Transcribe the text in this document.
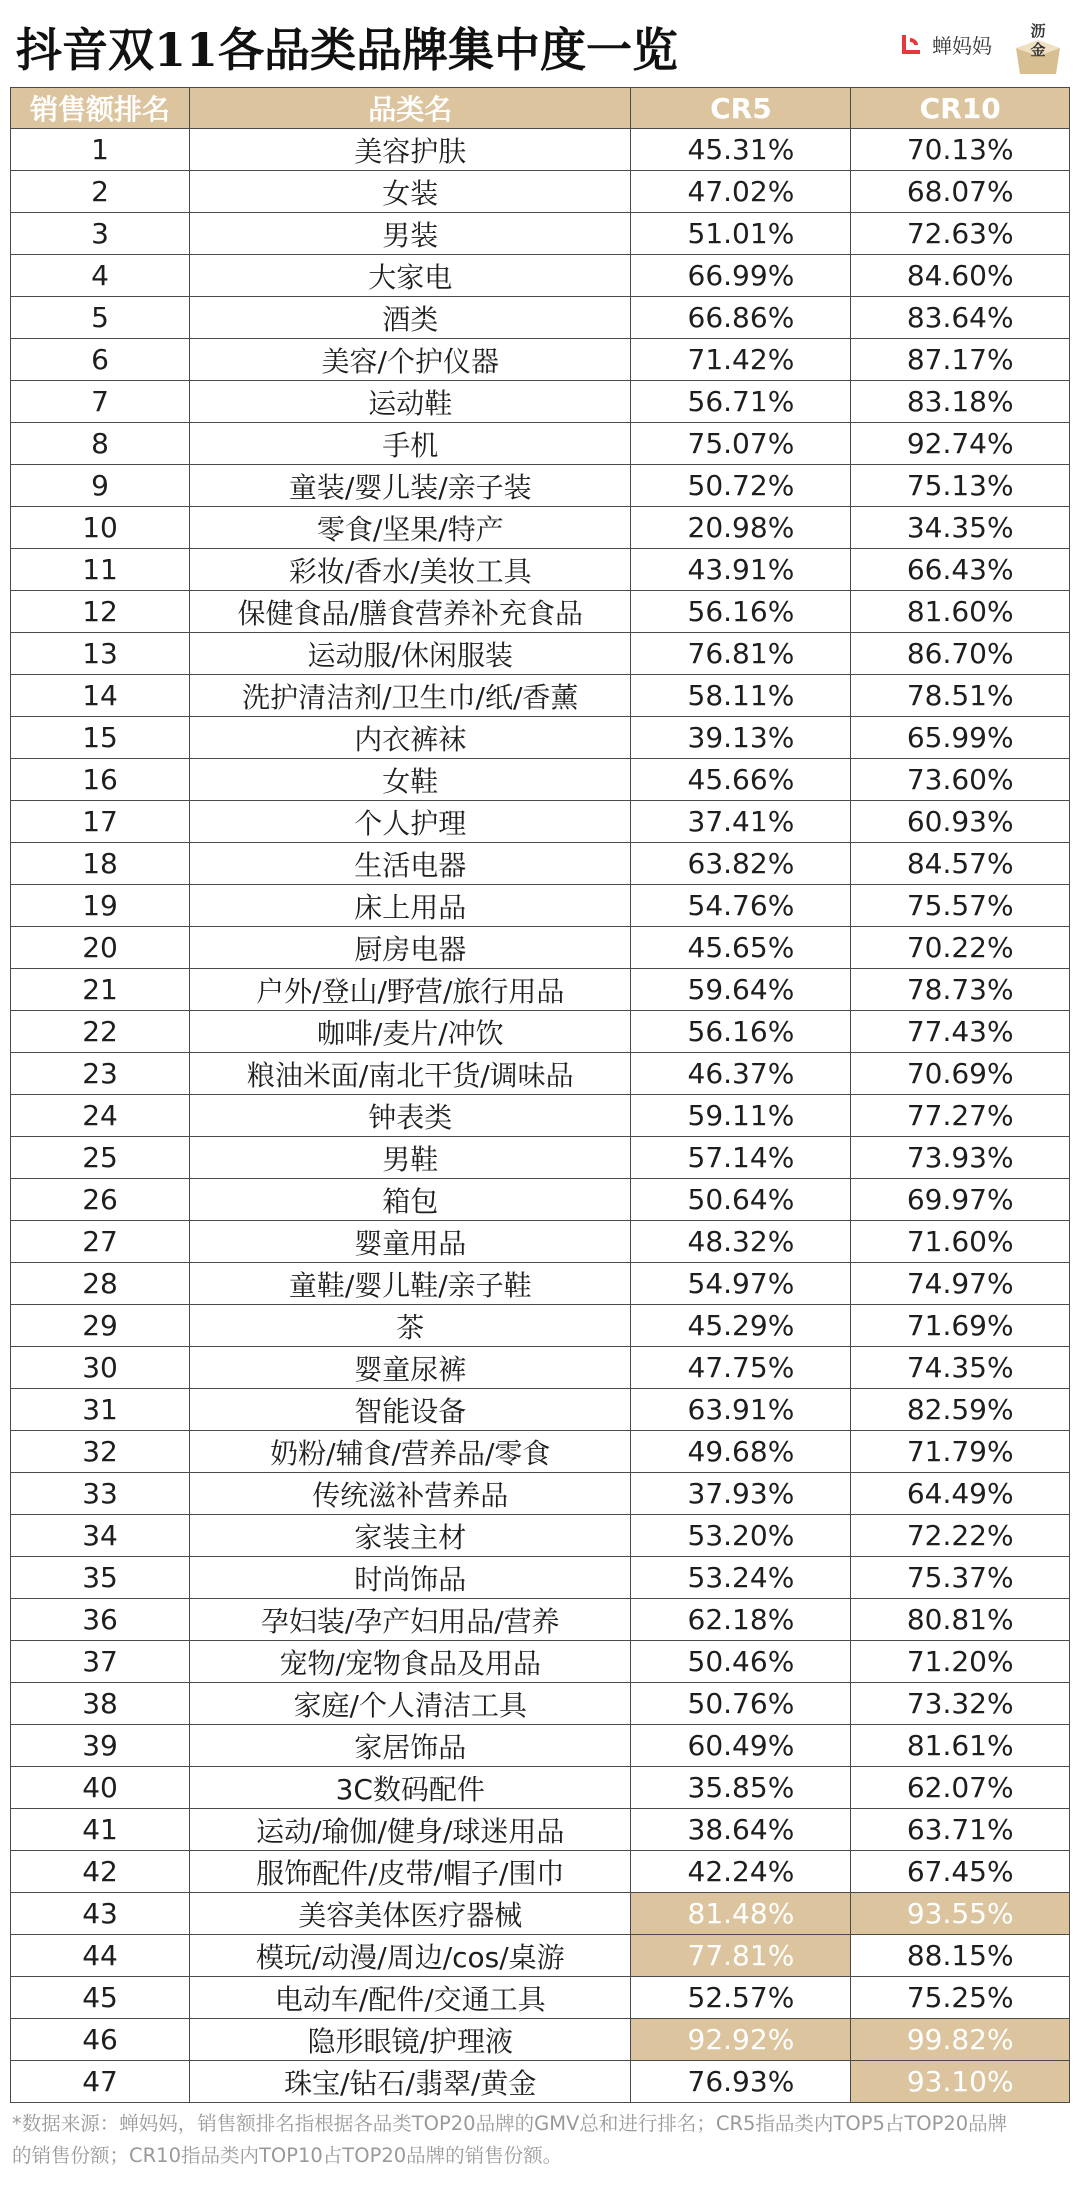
抖音双11各品类品牌集中度一览	蝉妈妈
沥
金
销售额排名	品类名	CR5	CR10
1	美容护肤	45.31%	70.13%
2	女装	47.02%	68.07%
3	男装	51.01%	72.63%
4	大家电	66.99%	84.60%
5	酒类	66.86%	83.64%
6	美容/个护仪器	71.42%	87.17%
7	运动鞋	56.71%	83.18%
8	手机	75.07%	92.74%
9	童装/婴儿装/亲子装	50.72%	75.13%
10	零食/坚果/特产	20.98%	34.35%
11	彩妆/香水/美妆工具	43.91%	66.43%
12	保健食品/膳食营养补充食品	56.16%	81.60%
13	运动服/休闲服装	76.81%	86.70%
14	洗护清洁剂/卫生巾/纸/香薰	58.11%	78.51%
15	内衣裤袜	39.13%	65.99%
16	女鞋	45.66%	73.60%
17	个人护理	37.41%	60.93%
18	生活电器	63.82%	84.57%
19	床上用品	54.76%	75.57%
20	厨房电器	45.65%	70.22%
21	户外/登山/野营/旅行用品	59.64%	78.73%
22	咖啡/麦片/冲饮	56.16%	77.43%
23	粮油米面/南北干货/调味品	46.37%	70.69%
24	钟表类	59.11%	77.27%
25	男鞋	57.14%	73.93%
26	箱包	50.64%	69.97%
27	婴童用品	48.32%	71.60%
28	童鞋/婴儿鞋/亲子鞋	54.97%	74.97%
29	茶	45.29%	71.69%
30	婴童尿裤	47.75%	74.35%
31	智能设备	63.91%	82.59%
32	奶粉/辅食/营养品/零食	49.68%	71.79%
33	传统滋补营养品	37.93%	64.49%
34	家装主材	53.20%	72.22%
35	时尚饰品	53.24%	75.37%
36	孕妇装/孕产妇用品/营养	62.18%	80.81%
37	宠物/宠物食品及用品	50.46%	71.20%
38	家庭/个人清洁工具	50.76%	73.32%
39	家居饰品	60.49%	81.61%
40	3C数码配件	35.85%	62.07%
41	运动/瑜伽/健身/球迷用品	38.64%	63.71%
42	服饰配件/皮带/帽子/围巾	42.24%	67.45%
43	美容美体医疗器械	81.48%	93.55%
44	模玩/动漫/周边/cos/桌游	77.81%	88.15%
45	电动车/配件/交通工具	52.57%	75.25%
46	隐形眼镜/护理液	92.92%	99.82%
47	珠宝/钻石/翡翠/黄金	76.93%	93.10%
*数据来源：蝉妈妈，销售额排名指根据各品类TOP20品牌的GMV总和进行排名；CR5指品类内TOP5占TOP20品牌
的销售份额；CR10指品类内TOP10占TOP20品牌的销售份额。
